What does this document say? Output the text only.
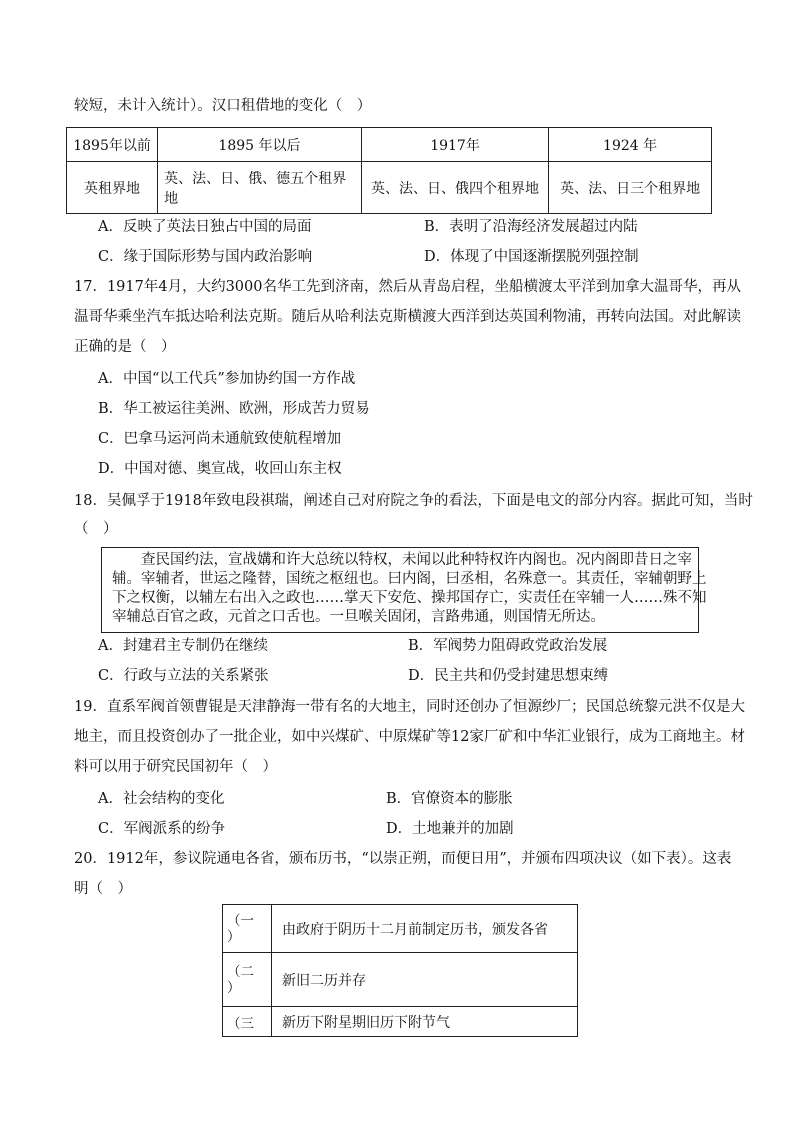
较短，未计入统计）。汉口租借地的变化（　）
1895年以前	1895 年以后	1917年	1924 年
英租界地	英、法、日、俄、德五个租界地	英、法、日、俄四个租界地	英、法、日三个租界地
A．反映了英法日独占中国的局面	B．表明了沿海经济发展超过内陆
C．缘于国际形势与国内政治影响	D．体现了中国逐渐摆脱列强控制
17．1917年4月，大约3000名华工先到济南，然后从青岛启程，坐船横渡太平洋到加拿大温哥华，再从
温哥华乘坐汽车抵达哈利法克斯。随后从哈利法克斯横渡大西洋到达英国利物浦，再转向法国。对此解读
正确的是（　）
A．中国“以工代兵”参加协约国一方作战
B．华工被运往美洲、欧洲，形成苦力贸易
C．巴拿马运河尚未通航致使航程增加
D．中国对德、奥宣战，收回山东主权
18．吴佩孚于1918年致电段祺瑞，阐述自己对府院之争的看法，下面是电文的部分内容。据此可知，当时
（　）
查民国约法，宣战媾和许大总统以特权，未闻以此种特权许内阁也。况内阁即昔日之宰
辅。宰辅者，世运之隆替，国统之枢纽也。曰内阁，曰丞相，名殊意一。其责任，宰辅朝野上
下之权衡，以辅左右出入之政也……掌天下安危、操邦国存亡，实责任在宰辅一人……殊不知
宰辅总百官之政，元首之口舌也。一旦喉关固闭，言路弗通，则国情无所达。
A．封建君主专制仍在继续	B．军阀势力阻碍政党政治发展
C．行政与立法的关系紧张	D．民主共和仍受封建思想束缚
19．直系军阀首领曹锟是天津静海一带有名的大地主，同时还创办了恒源纱厂；民国总统黎元洪不仅是大
地主，而且投资创办了一批企业，如中兴煤矿、中原煤矿等12家厂矿和中华汇业银行，成为工商地主。材
料可以用于研究民国初年（　）
A．社会结构的变化	B．官僚资本的膨胀
C．军阀派系的纷争	D．土地兼并的加剧
20．1912年，参议院通电各省，颁布历书，“以崇正朔，而便日用”，并颁布四项决议（如下表）。这表
明（　）
（一
）	由政府于阴历十二月前制定历书，颁发各省
（二
）	新旧二历并存
（三	新历下附星期旧历下附节气
